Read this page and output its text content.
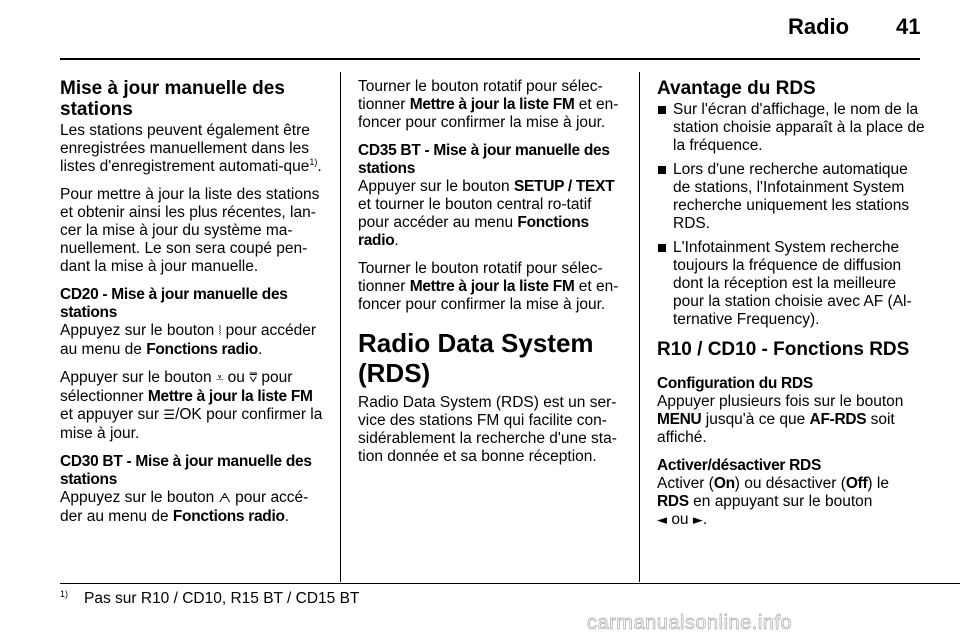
Radio 41
Mise à jour manuelle des stations

Les stations peuvent également être enregistrées manuellement dans les listes d'enregistrement automati-que$^{1)}$.

Pour mettre à jour la liste des stations et obtenir ainsi les plus récentes, lan-cer la mise à jour du système ma-nuellement. Le son sera coupé pen-dant la mise à jour manuelle.

CD20 - Mise à jour manuelle des stations

Appuyez sur le bouton ⦚ pour accéder au menu de Fonctions radio.

Appuyer sur le bouton ⩡ ou ⩢ pour sélectionner Mettre à jour la liste FM et appuyer sur ☰/OK pour confirmer la mise à jour.

CD30 BT - Mise à jour manuelle des stations

Appuyez sur le bouton ᗅ pour accé-der au menu de Fonctions radio.

Tourner le bouton rotatif pour sélec-tionner Mettre à jour la liste FM et en-foncer pour confirmer la mise à jour.

CD35 BT - Mise à jour manuelle des stations

Appuyer sur le bouton SETUP / TEXT et tourner le bouton central ro-tatif pour accéder au menu Fonctions radio.

Tourner le bouton rotatif pour sélec-tionner Mettre à jour la liste FM et en-foncer pour confirmer la mise à jour.

Radio Data System (RDS)

Radio Data System (RDS) est un ser-vice des stations FM qui facilite con-sidérablement la recherche d'une sta-tion donnée et sa bonne réception.

Avantage du RDS
Sur l'écran d'affichage, le nom de la station choisie apparaît à la place de la fréquence.
Lors d'une recherche automatique de stations, l'Infotainment System recherche uniquement les stations RDS.
L'Infotainment System recherche toujours la fréquence de diffusion dont la réception est la meilleure pour la station choisie avec AF (Al-ternative Frequency).
R10 / CD10 - Fonctions RDS
Configuration du RDS

Appuyer plusieurs fois sur le bouton MENU jusqu'à ce que AF-RDS soit affiché.

Activer/désactiver RDS

Activer (On) ou désactiver (Off) le RDS en appuyant sur le bouton
◄ ou ►.

$^{1)}$ Pas sur R10 / CD10, R15 BT / CD15 BT
carmanualsonline.info
